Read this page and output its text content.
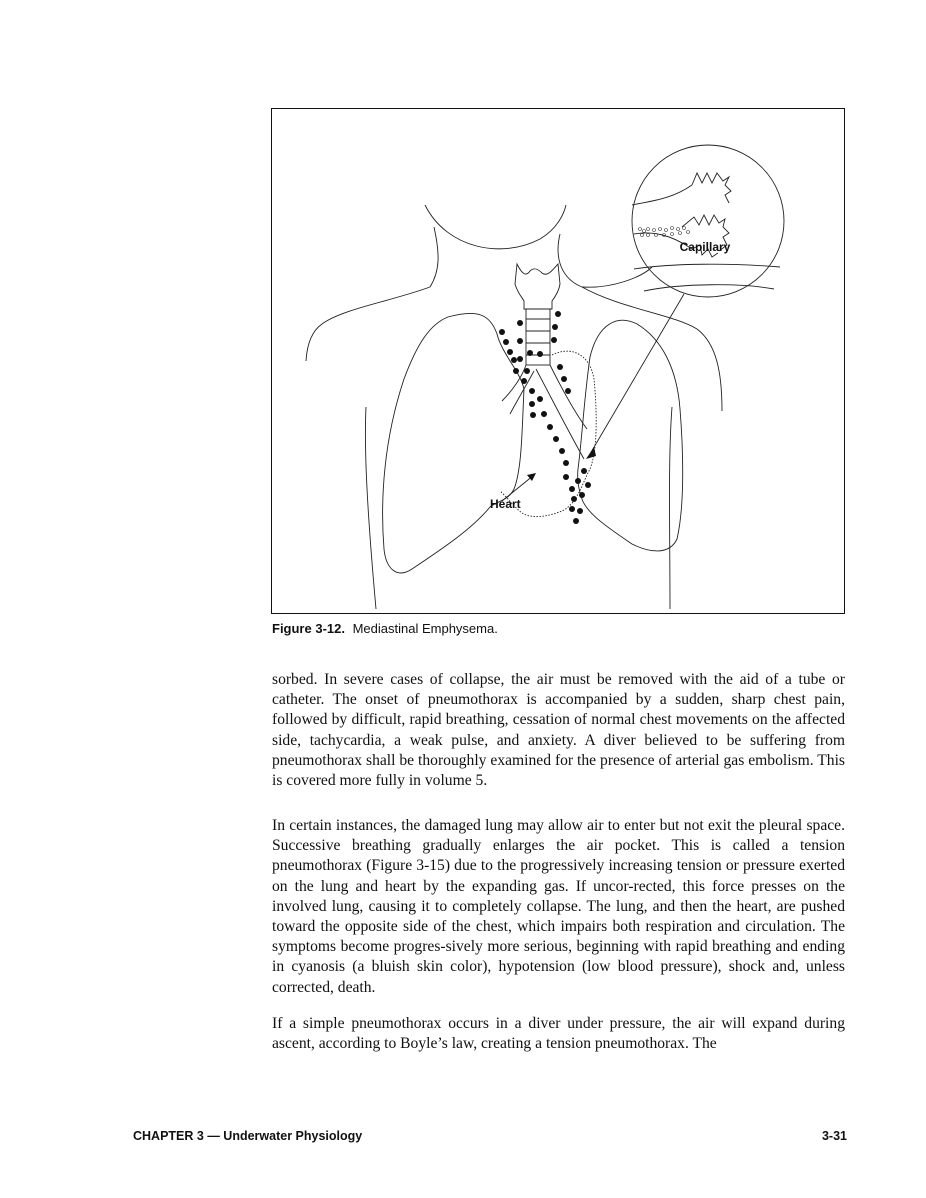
Capillary
Heart
Figure 3-12. Mediastinal Emphysema.

sorbed. In severe cases of collapse, the air must be removed with the aid of a tube or catheter. The onset of pneumothorax is accompanied by a sudden, sharp chest pain, followed by difficult, rapid breathing, cessation of normal chest movements on the affected side, tachycardia, a weak pulse, and anxiety. A diver believed to be suffering from pneumothorax shall be thoroughly examined for the presence of arterial gas embolism. This is covered more fully in volume 5.

In certain instances, the damaged lung may allow air to enter but not exit the pleural space. Successive breathing gradually enlarges the air pocket. This is called a tension pneumothorax (Figure 3-15) due to the progressively increasing tension or pressure exerted on the lung and heart by the expanding gas. If uncor-rected, this force presses on the involved lung, causing it to completely collapse. The lung, and then the heart, are pushed toward the opposite side of the chest, which impairs both respiration and circulation. The symptoms become progres-sively more serious, beginning with rapid breathing and ending in cyanosis (a bluish skin color), hypotension (low blood pressure), shock and, unless corrected, death.

If a simple pneumothorax occurs in a diver under pressure, the air will expand during ascent, according to Boyle’s law, creating a tension pneumothorax. The

CHAPTER 3 — Underwater Physiology	3-31
